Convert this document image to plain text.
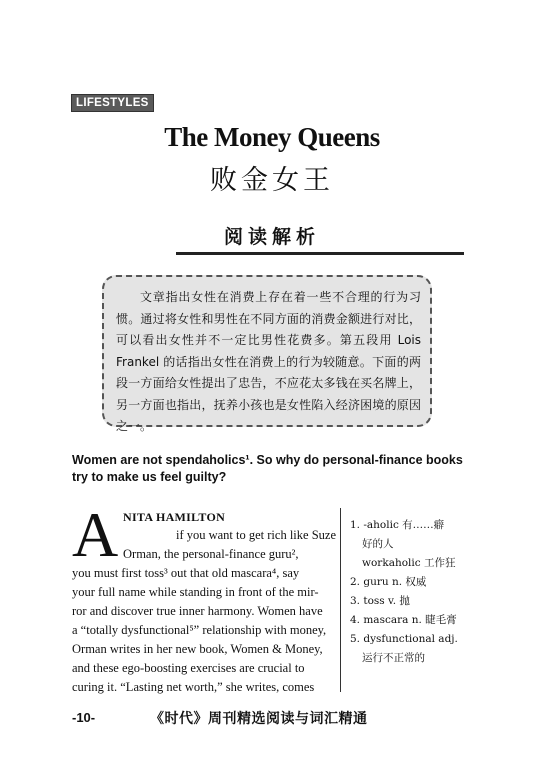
LIFESTYLES
The Money Queens
败金女王
阅读解析

文章指出女性在消费上存在着一些不合理的行为习惯。通过将女性和男性在不同方面的消费金额进行对比，可以看出女性并不一定比男性花费多。第五段用 Lois Frankel 的话指出女性在消费上的行为较随意。下面的两段一方面给女性提出了忠告，不应花太多钱在买名牌上，另一方面也指出，抚养小孩也是女性陷入经济困境的原因之一。

Women are not spendaholics¹. So why do personal-finance books try to make us feel guilty?
A NITA HAMILTON
if you want to get rich like Suze
Orman, the personal-finance guru²,
you must first toss³ out that old mascara⁴, say
your full name while standing in front of the mir-
ror and discover true inner harmony. Women have
a “totally dysfunctional⁵” relationship with money,
Orman writes in her new book, Women & Money,
and these ego-boosting exercises are crucial to
curing it. “Lasting net worth,” she writes, comes
1. -aholic 有……癖
好的人
workaholic 工作狂
2. guru n. 权威
3. toss v. 抛
4. mascara n. 睫毛膏
5. dysfunctional adj.
运行不正常的
-10-	《时代》周刊精选阅读与词汇精通
